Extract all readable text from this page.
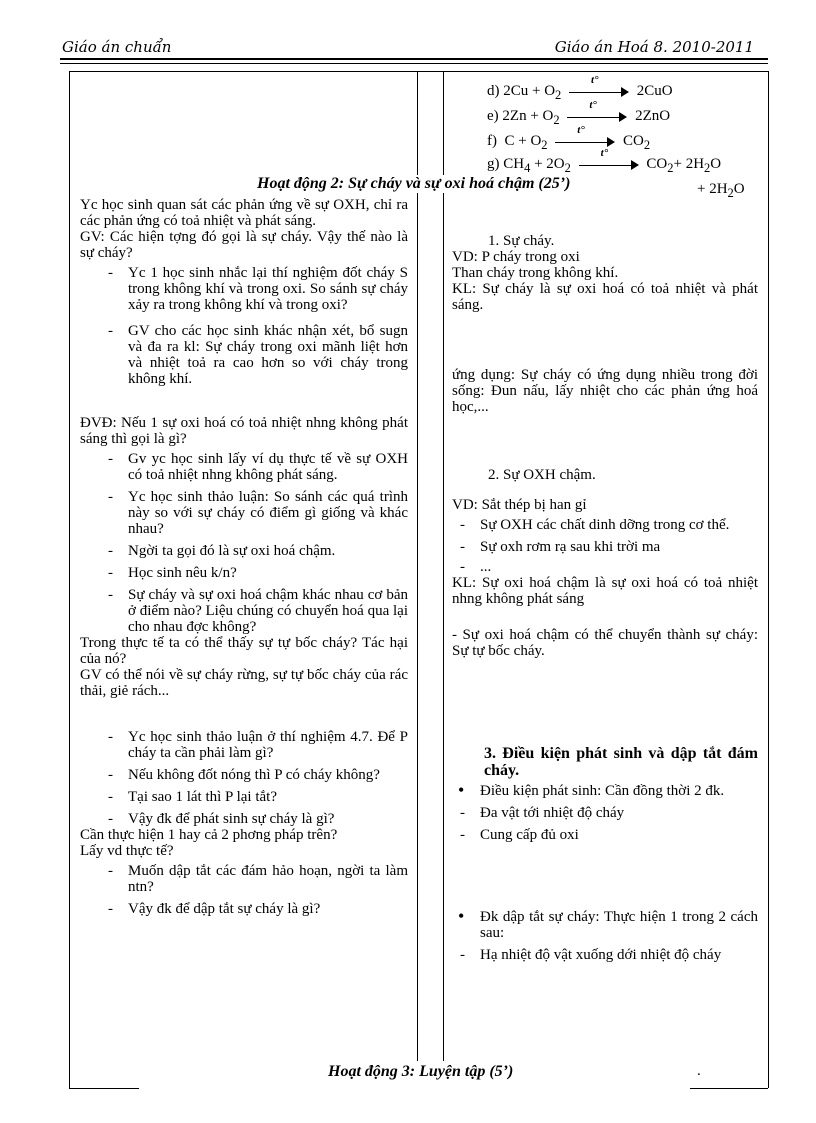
Giáo án chuẩn	Giáo án Hoá 8. 2010-2011
d) $2Cu + O_2$
t°
2CuO
e) $2Zn + O_2$
t°
2ZnO
f) $C + O_2$
t°
$CO_2$
g) $CH_4 + 2O_2$
t°
$CO_2+ 2H_2O$
+ $2H_2O$
Hoạt động 2: Sự cháy và sự oxi hoá chậm (25’)

Yc học sinh quan sát các phản ứng về sự OXH, chỉ ra các phản ứng có toả nhiệt và phát sáng.

GV: Các hiện tợng đó gọi là sự cháy. Vậy thế nào là sự cháy?

- Yc 1 học sinh nhắc lại thí nghiệm đốt cháy S trong không khí và trong oxi. So sánh sự cháy xảy ra trong không khí và trong oxi?
- GV cho các học sinh khác nhận xét, bổ sugn và đa ra kl: Sự cháy trong oxi mãnh liệt hơn và nhiệt toả ra cao hơn so với cháy trong không khí.

ĐVĐ: Nếu 1 sự oxi hoá có toả nhiệt nhng không phát sáng thì gọi là gì?

- Gv yc học sinh lấy ví dụ thực tế về sự OXH có toả nhiệt nhng không phát sáng.
- Yc học sinh thảo luận: So sánh các quá trình này so với sự cháy có điểm gì giống và khác nhau?
- Ngời ta gọi đó là sự oxi hoá chậm.
- Học sinh nêu k/n?
- Sự cháy và sự oxi hoá chậm khác nhau cơ bản ở điểm nào? Liệu chúng có chuyển hoá qua lại cho nhau đợc không?

Trong thực tế ta có thể thấy sự tự bốc cháy? Tác hại của nó?

GV có thể nói về sự cháy rừng, sự tự bốc cháy của rác thải, giẻ rách...

- Yc học sinh thảo luận ở thí nghiệm 4.7. Để P cháy ta cần phải làm gì?
- Nếu không đốt nóng thì P có cháy không?
- Tại sao 1 lát thì P lại tắt?
- Vậy đk để phát sinh sự cháy là gì?

Cần thực hiện 1 hay cả 2 phơng pháp trên?

Lấy vd thực tế?

- Muốn dập tắt các đám hảo hoạn, ngời ta làm ntn?
- Vậy đk để dập tắt sự cháy là gì?

1. Sự cháy.

VD: P cháy trong oxi

Than cháy trong không khí.

KL: Sự cháy là sự oxi hoá có toả nhiệt và phát sáng.

ứng dụng: Sự cháy có ứng dụng nhiều trong đời sống: Đun nấu, lấy nhiệt cho các phản ứng hoá học,...

2. Sự OXH chậm.

VD: Sắt thép bị han gỉ

- Sự OXH các chất dinh dỡng trong cơ thể.
- Sự oxh rơm rạ sau khi trời ma
- ...

KL: Sự oxi hoá chậm là sự oxi hoá có toả nhiệt nhng không phát sáng

- Sự oxi hoá chậm có thể chuyển thành sự cháy: Sự tự bốc cháy.

3. Điều kiện phát sinh và dập tắt đám cháy.

• Điều kiện phát sinh: Cần đồng thời 2 đk.
- Đa vật tới nhiệt độ cháy
- Cung cấp đủ oxi
• Đk dập tắt sự cháy: Thực hiện 1 trong 2 cách sau:
- Hạ nhiệt độ vật xuống dới nhiệt độ cháy
Hoạt động 3: Luyện tập (5’)	.
